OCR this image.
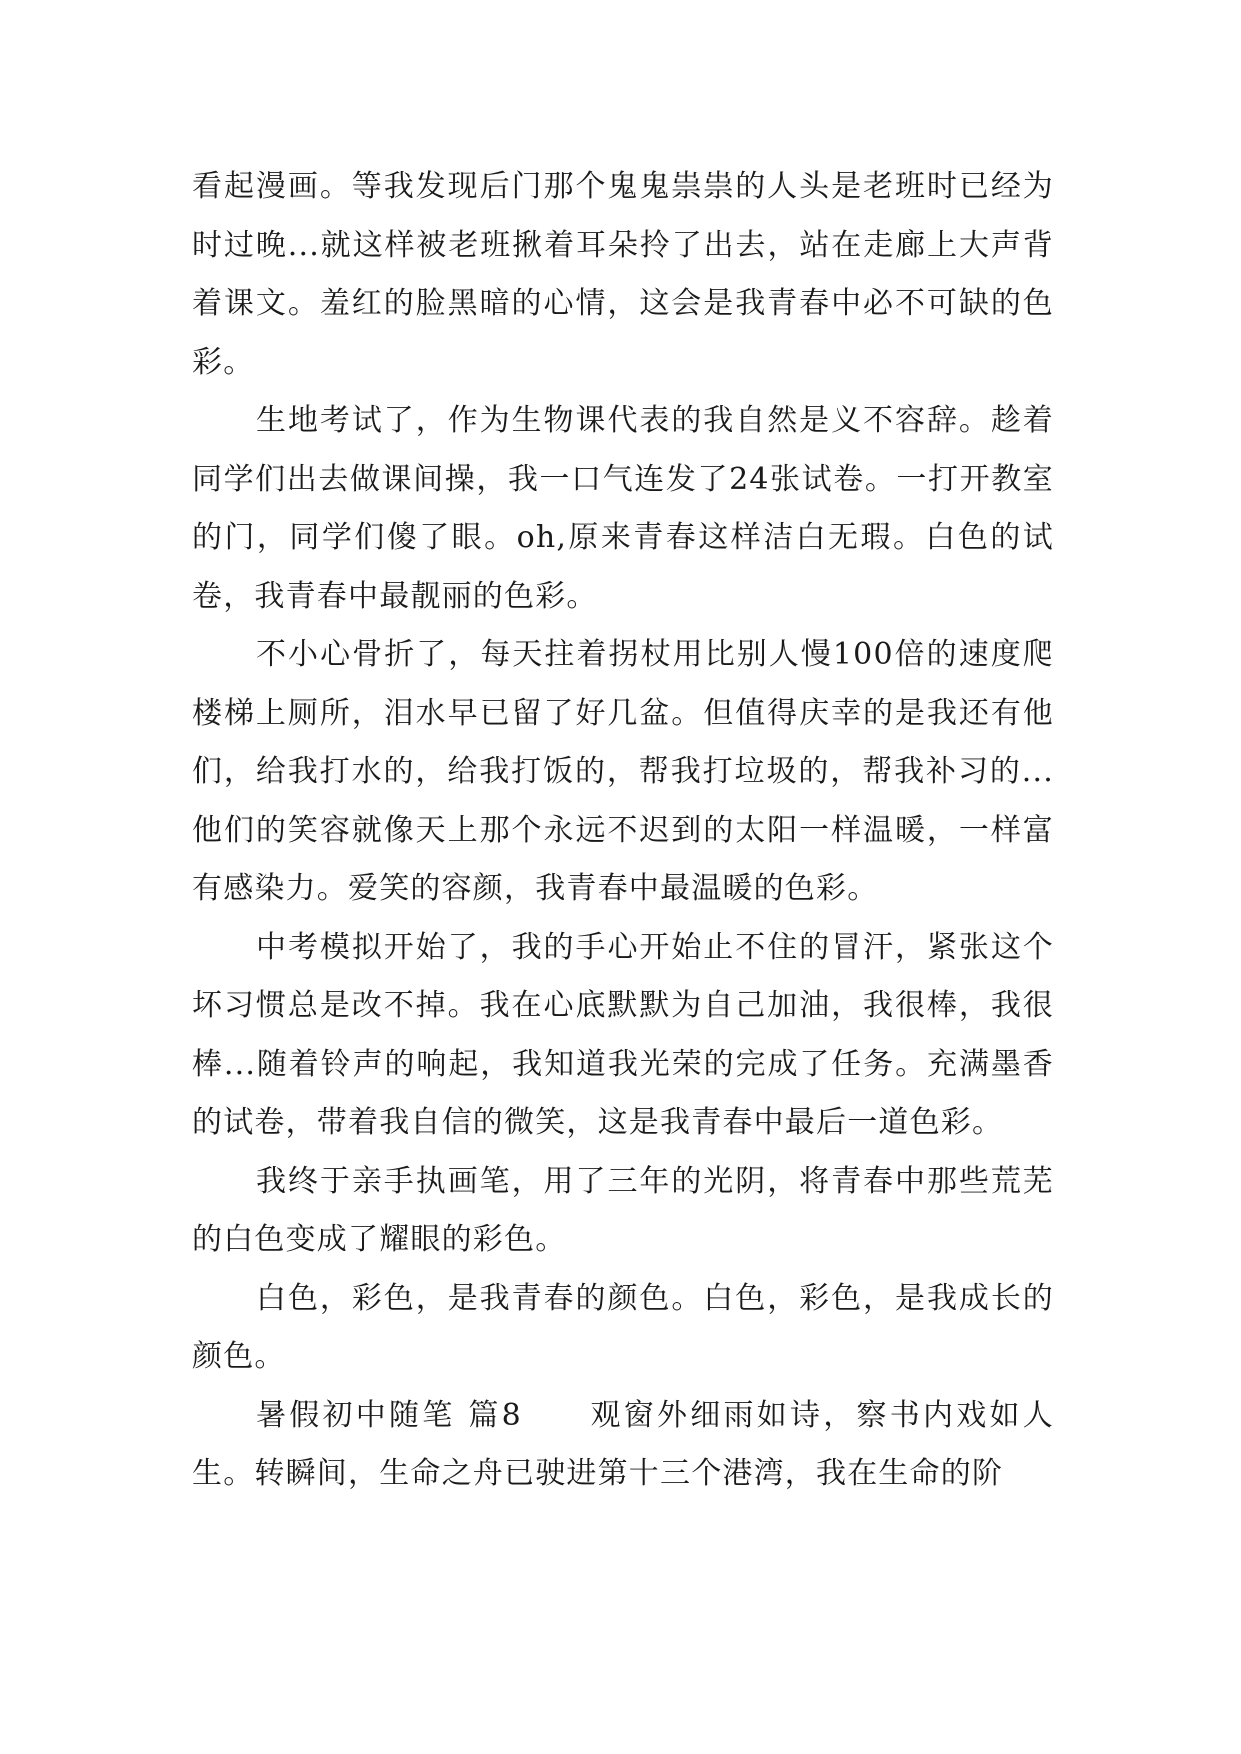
看起漫画。等我发现后门那个鬼鬼祟祟的人头是老班时已经为时过晚...就这样被老班揪着耳朵拎了出去，站在走廊上大声背着课文。羞红的脸黑暗的心情，这会是我青春中必不可缺的色彩。

生地考试了，作为生物课代表的我自然是义不容辞。趁着同学们出去做课间操，我一口气连发了24张试卷。一打开教室的门，同学们傻了眼。oh,原来青春这样洁白无瑕。白色的试卷，我青春中最靓丽的色彩。

不小心骨折了，每天拄着拐杖用比别人慢100倍的速度爬楼梯上厕所，泪水早已留了好几盆。但值得庆幸的是我还有他们，给我打水的，给我打饭的，帮我打垃圾的，帮我补习的...他们的笑容就像天上那个永远不迟到的太阳一样温暖，一样富有感染力。爱笑的容颜，我青春中最温暖的色彩。

中考模拟开始了，我的手心开始止不住的冒汗，紧张这个坏习惯总是改不掉。我在心底默默为自己加油，我很棒，我很棒...随着铃声的响起，我知道我光荣的完成了任务。充满墨香的试卷，带着我自信的微笑，这是我青春中最后一道色彩。

我终于亲手执画笔，用了三年的光阴，将青春中那些荒芜的白色变成了耀眼的彩色。

白色，彩色，是我青春的颜色。白色，彩色，是我成长的颜色。

暑假初中随笔 篇8　　观窗外细雨如诗，察书内戏如人生。转瞬间，生命之舟已驶进第十三个港湾，我在生命的阶
